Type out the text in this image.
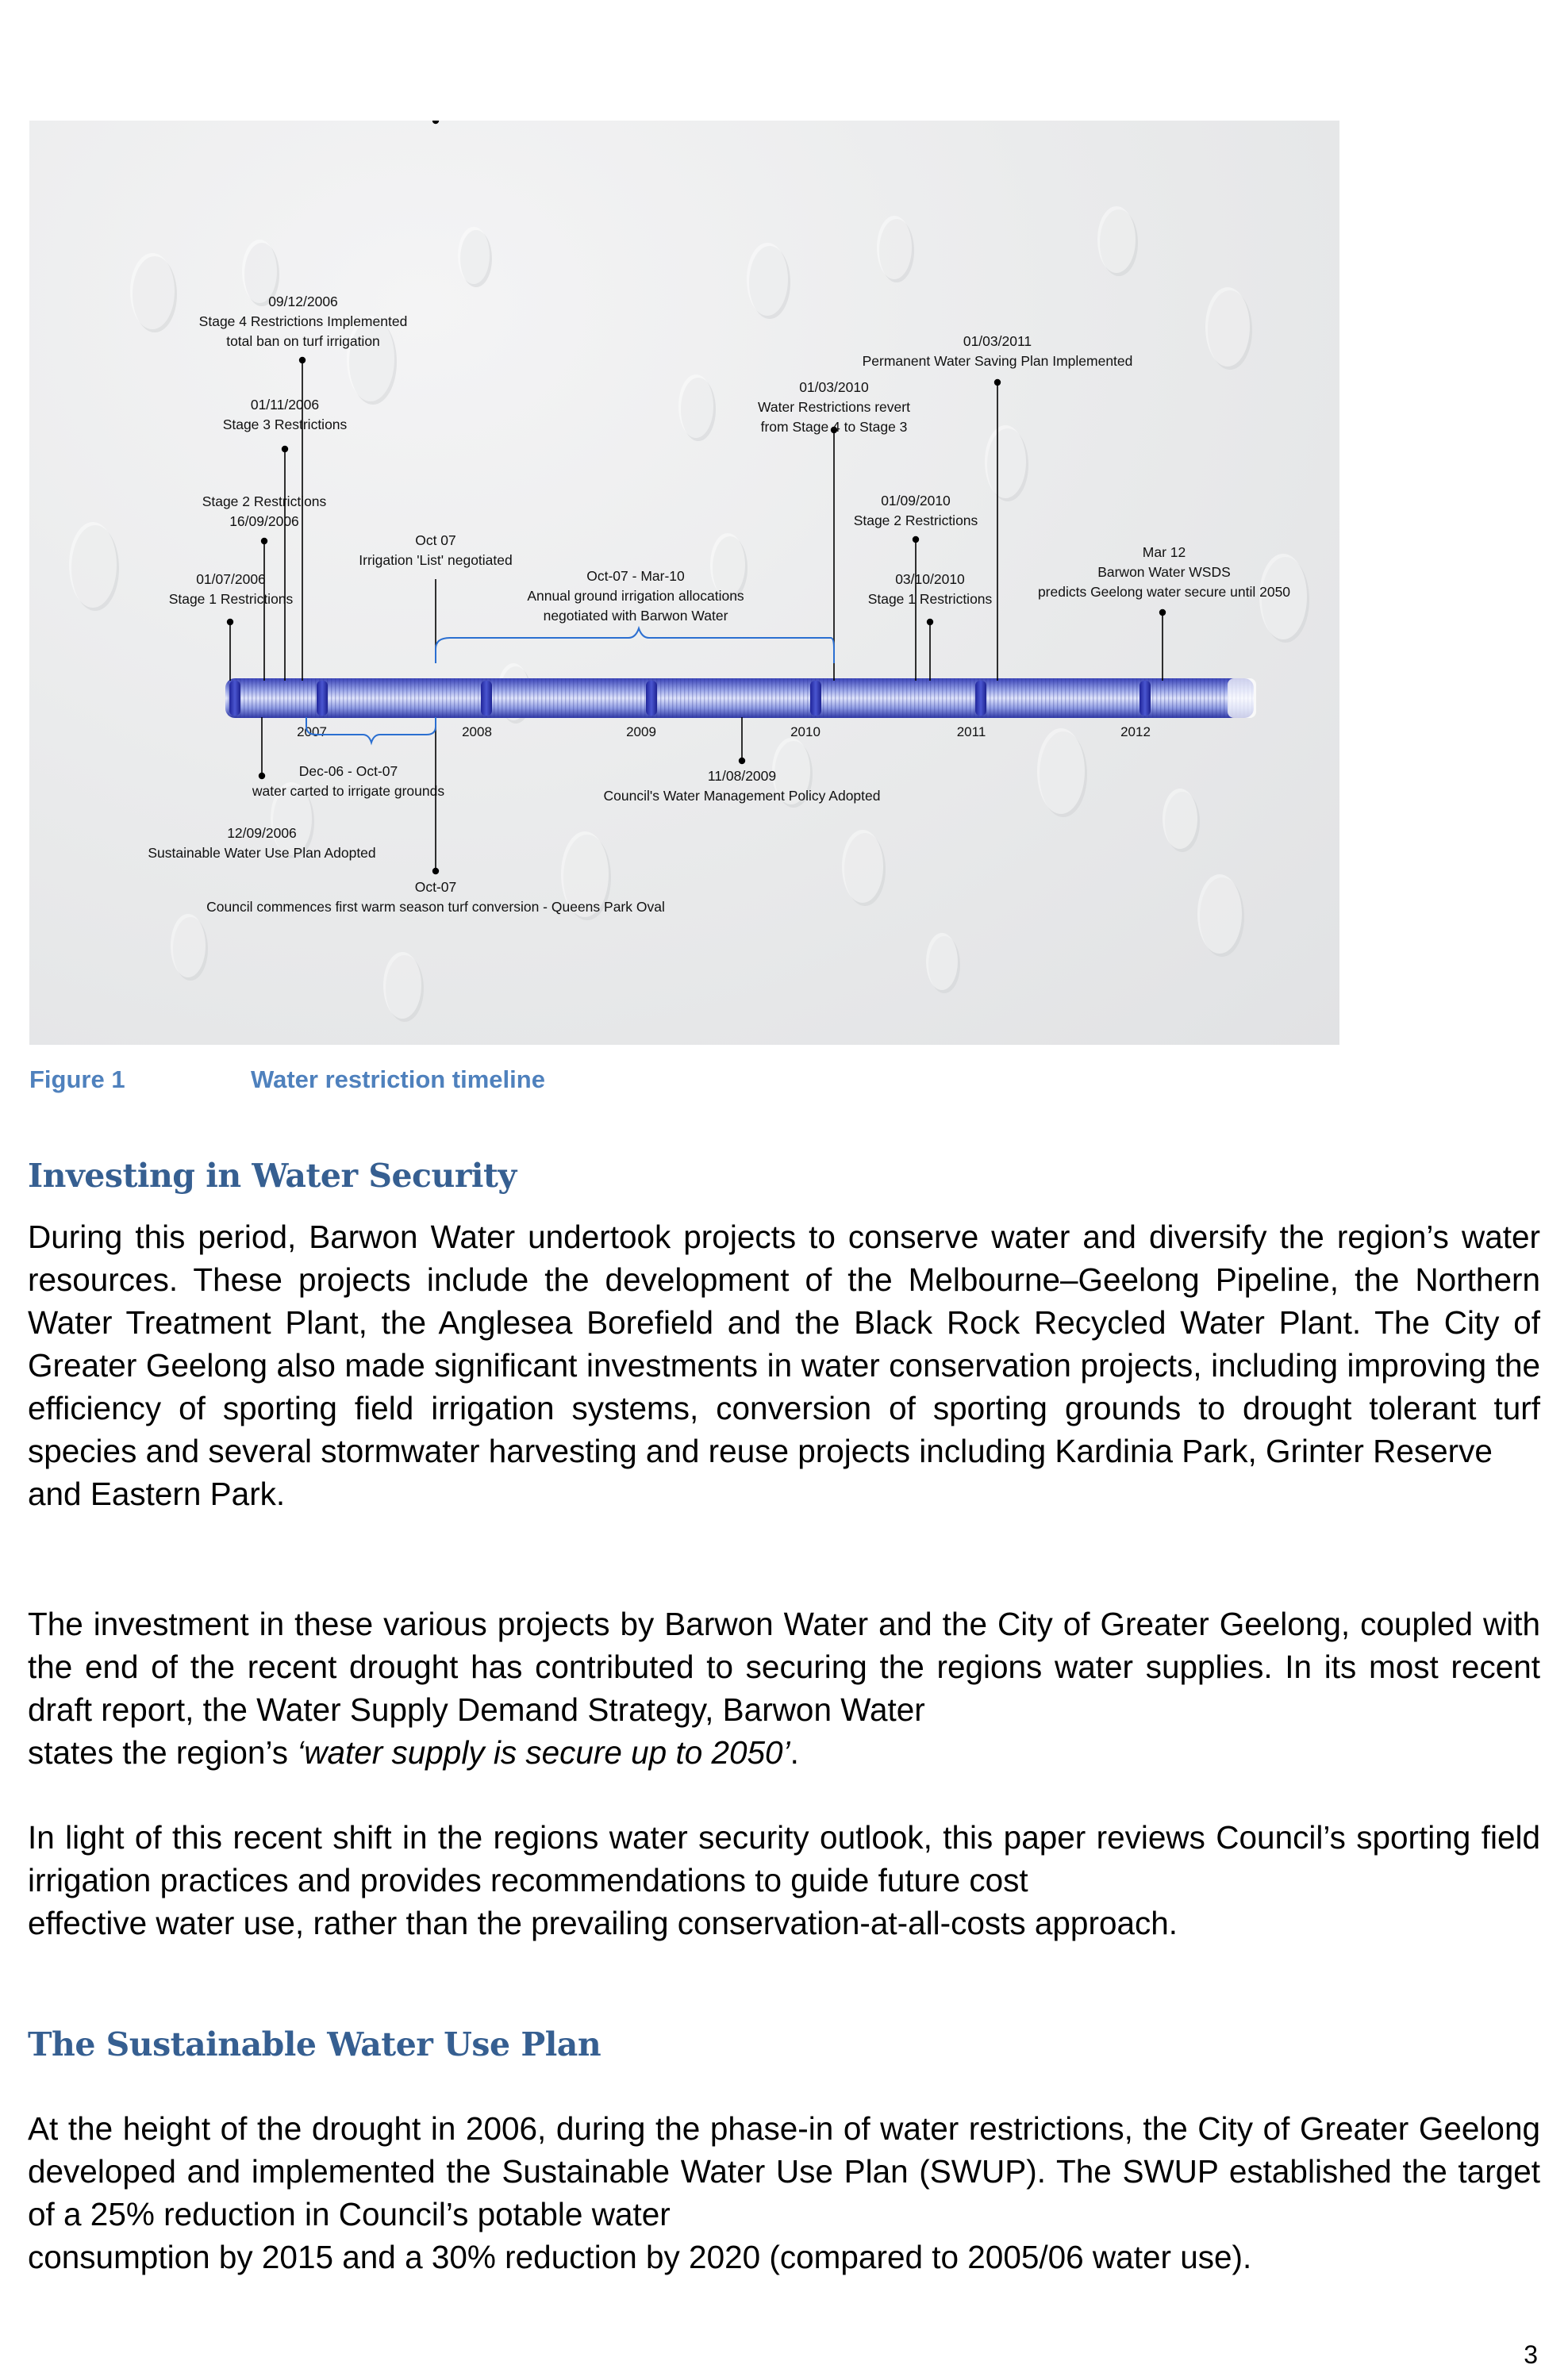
2007	2008	2009	2010	2011	2012
09/12/2006
Stage 4 Restrictions Implemented
total ban on turf irrigation
01/11/2006
Stage 3 Restrictions
Stage 2 Restrictions
16/09/2006
01/07/2006
Stage 1 Restrictions
Oct 07
Irrigation 'List' negotiated
Oct-07 - Mar-10
Annual ground irrigation allocations
negotiated with Barwon Water
01/03/2010
Water Restrictions revert
from Stage 4 to Stage 3
01/03/2011
Permanent Water Saving Plan Implemented
01/09/2010
Stage 2 Restrictions
03/10/2010
Stage 1 Restrictions
Mar 12
Barwon Water WSDS
predicts Geelong water secure until 2050
Dec-06 - Oct-07
water carted to irrigate grounds
12/09/2006
Sustainable Water Use Plan Adopted
Oct-07
Council commences first warm season turf conversion - Queens Park Oval
11/08/2009
Council's Water Management Policy Adopted
Figure 1	Water restriction timeline
Investing in Water Security
During this period, Barwon Water undertook projects to conserve water and diversify the region’s water resources. These projects include the development of the Melbourne–Geelong Pipeline, the Northern Water Treatment Plant, the Anglesea Borefield and the Black Rock Recycled Water Plant. The City of Greater Geelong also made significant investments in water conservation projects, including improving the efficiency of sporting field irrigation systems, conversion of sporting grounds to drought tolerant turf species and several stormwater harvesting and reuse projects including Kardinia Park, Grinter Reserve
and Eastern Park.
The investment in these various projects by Barwon Water and the City of Greater Geelong, coupled with the end of the recent drought has contributed to securing the regions water supplies. In its most recent draft report, the Water Supply Demand Strategy, Barwon Water
states the region’s ‘water supply is secure up to 2050’.
In light of this recent shift in the regions water security outlook, this paper reviews Council’s sporting field irrigation practices and provides recommendations to guide future cost
effective water use, rather than the prevailing conservation-at-all-costs approach.
The Sustainable Water Use Plan
At the height of the drought in 2006, during the phase-in of water restrictions, the City of Greater Geelong developed and implemented the Sustainable Water Use Plan (SWUP). The SWUP established the target of a 25% reduction in Council’s potable water
consumption by 2015 and a 30% reduction by 2020 (compared to 2005/06 water use).
3
